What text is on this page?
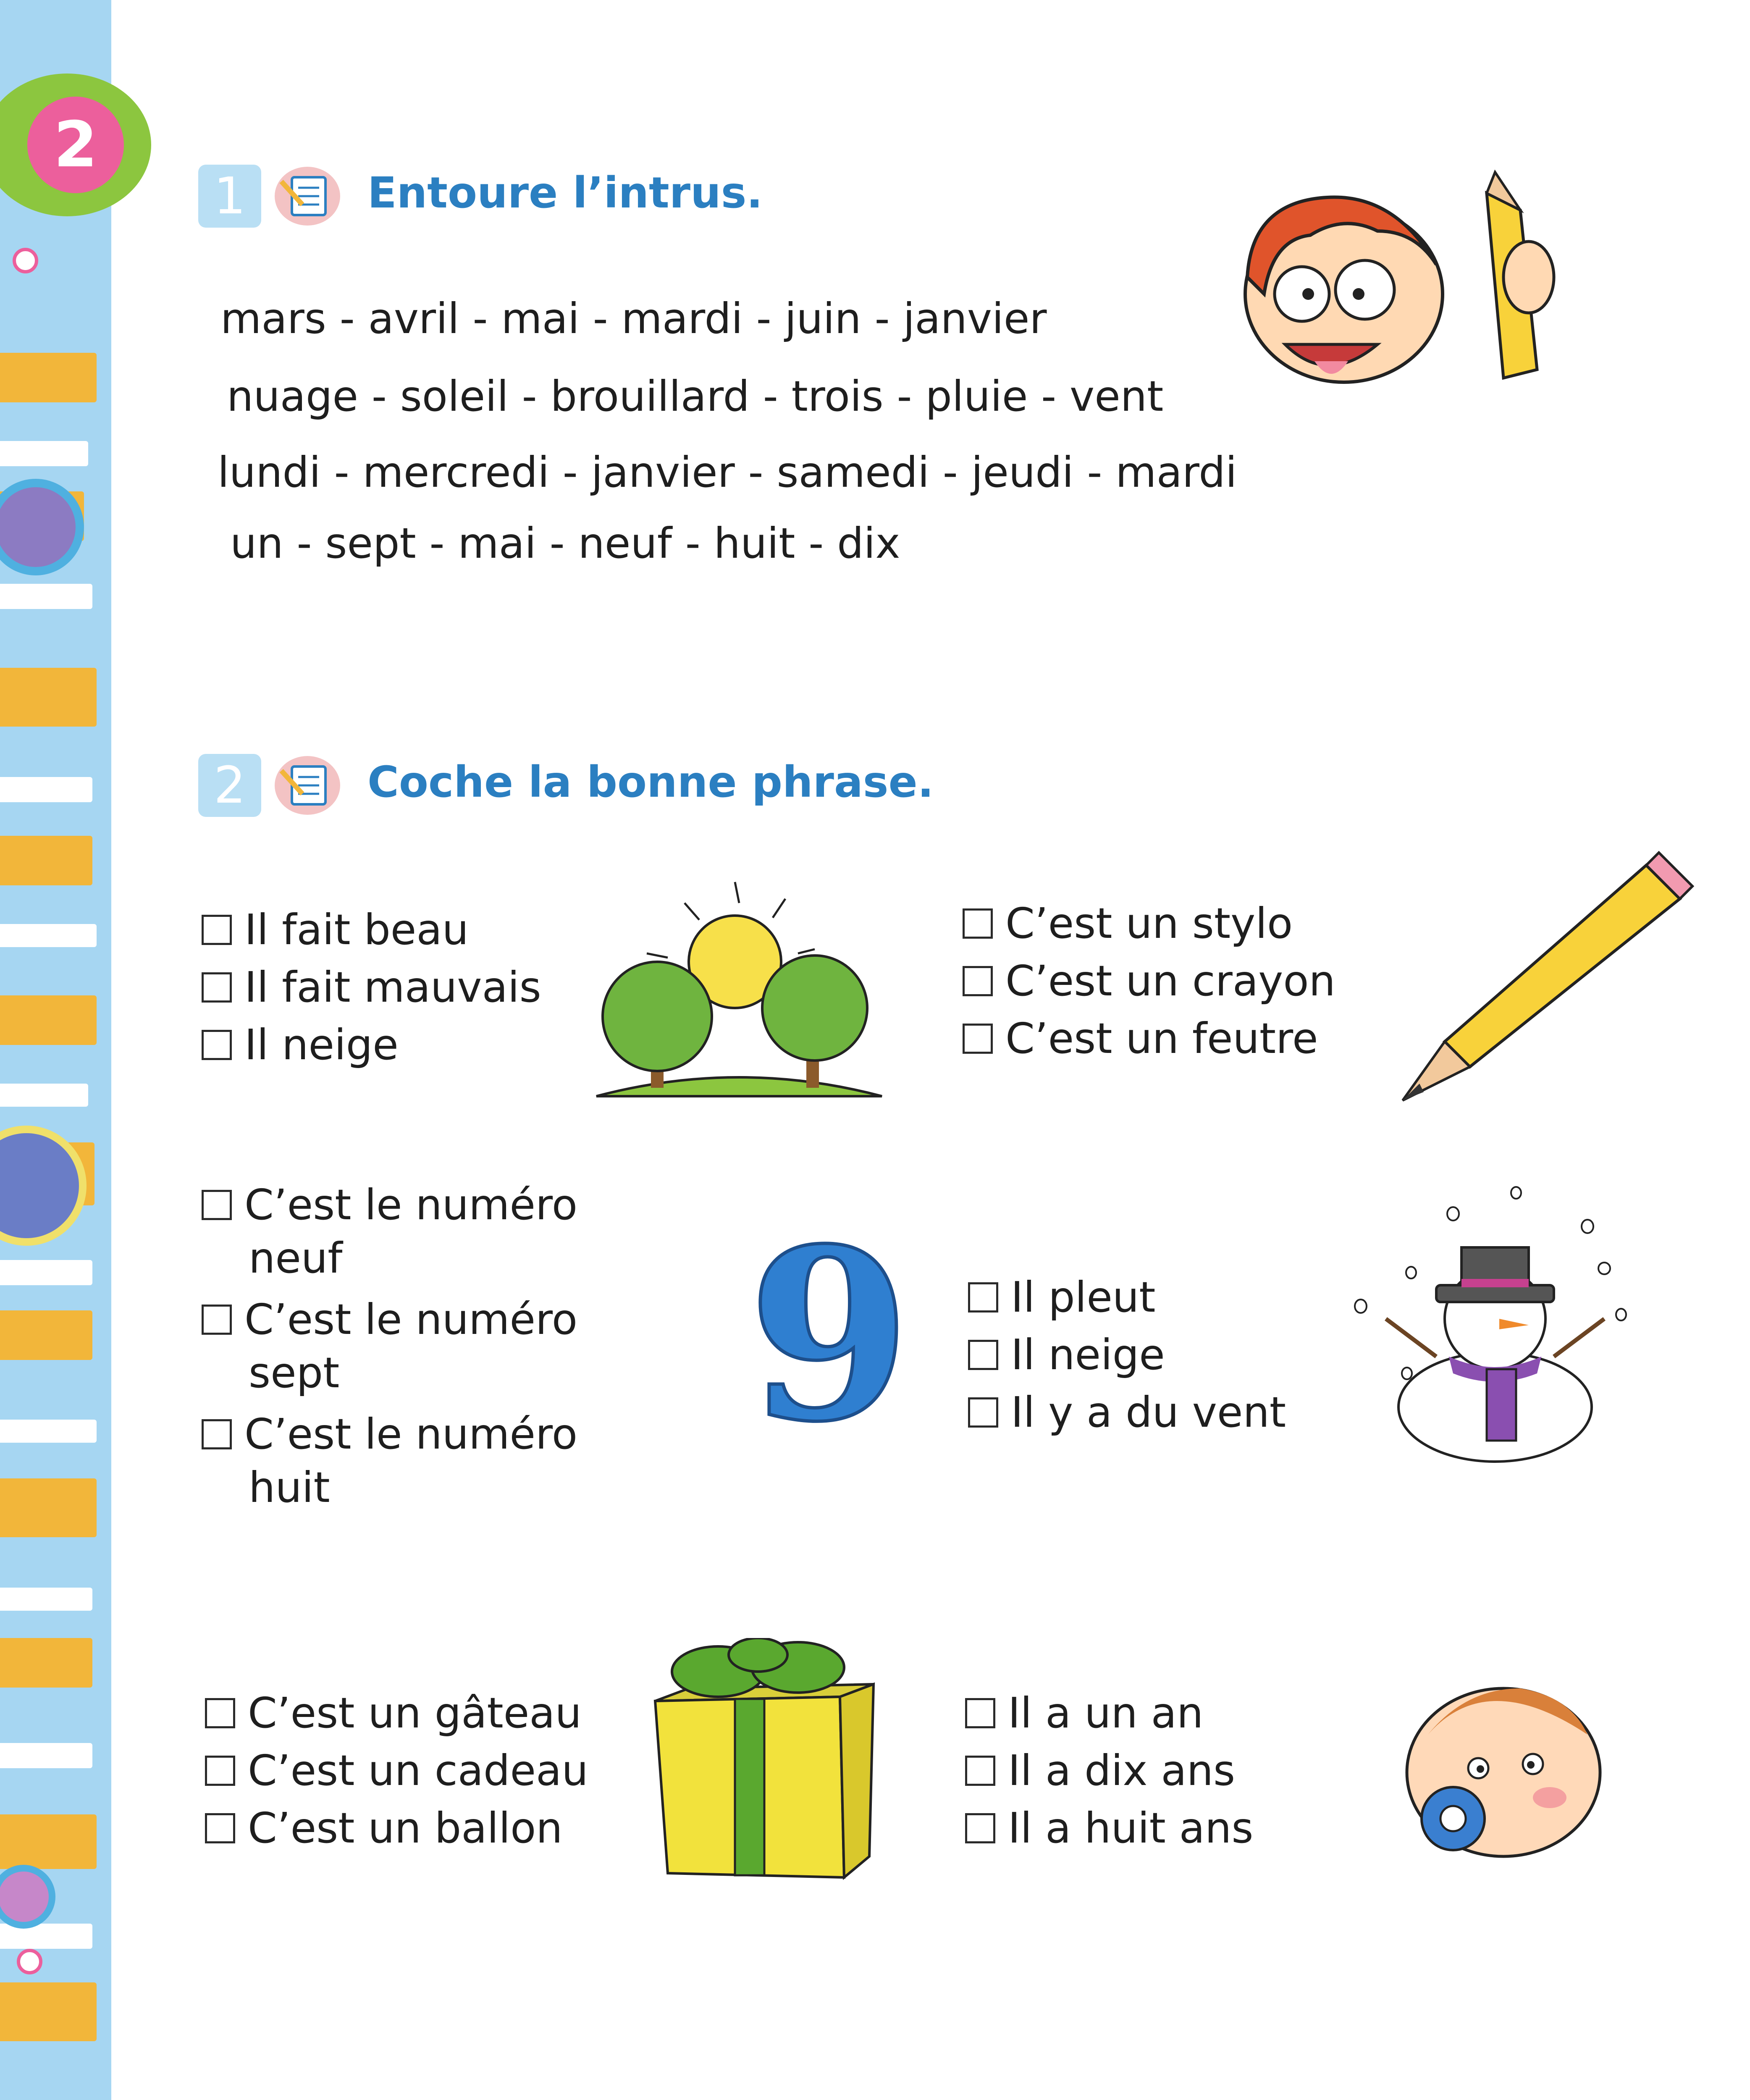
2
1	Entoure l’intrus.
mars - avril - mai - mardi - juin - janvier
nuage - soleil - brouillard - trois - pluie - vent
lundi - mercredi - janvier - samedi - jeudi - mardi
un - sept - mai - neuf - huit - dix
2	Coche la bonne phrase.
Il fait beau
Il fait mauvais
Il neige
C’est un stylo
C’est un crayon
C’est un feutre
C’est le numéro
neuf
C’est le numéro
sept
C’est le numéro
huit
9 Il pleut
Il neige
Il y a du vent
C’est un gâteau
C’est un cadeau
C’est un ballon
Il a un an
Il a dix ans
Il a huit ans
